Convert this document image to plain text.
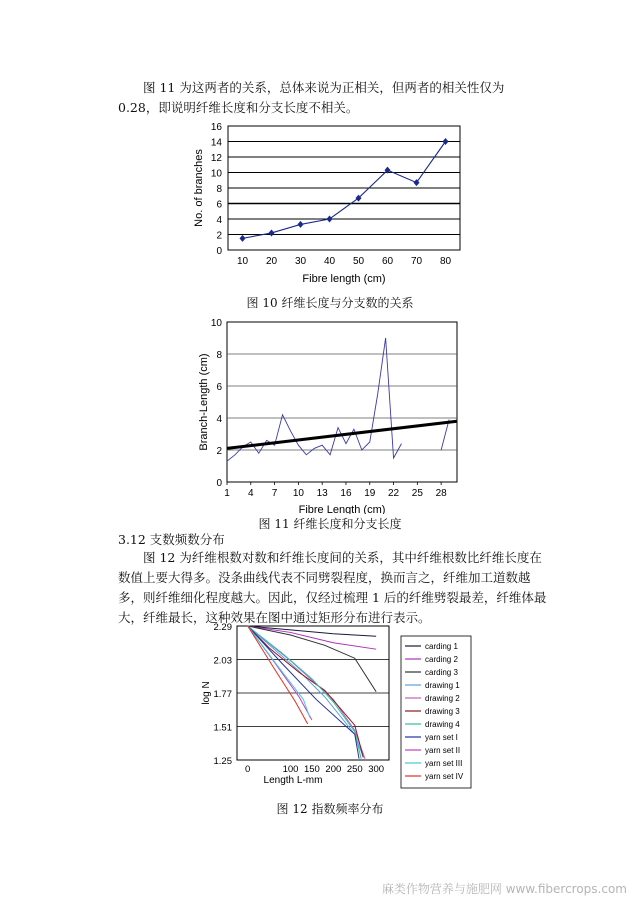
　　图 11 为这两者的关系，总体来说为正相关，但两者的相关性仅为 0.28，即说明纤维长度和分支长度不相关。

0
2
4
6
8
10
12
14
16
10 20 30 40 50 60 70 80
Fibre length (cm)
No. of branches
图 10 纤维长度与分支数的关系
0
2
4
6
8
10
1 4 7 10 13 16 19 22 25 28
Fibre Length (cm)
Branch-Length (cm)
图 11 纤维长度和分支长度
3.12 支数频数分布

　　图 12 为纤维根数对数和纤维长度间的关系，其中纤维根数比纤维长度在数值上要大得多。没条曲线代表不同劈裂程度，换而言之，纤维加工道数越多，则纤维细化程度越大。因此，仅经过梳理 1 后的纤维劈裂最差，纤维体最大，纤维最长，这种效果在图中通过矩形分布进行表示。

1.25
1.51
1.77
2.03
2.29
0	100 150 200 250 300
Length L-mm
log N
carding 1
carding 2
carding 3
drawing 1
drawing 2
drawing 3
drawing 4
yarn set I
yarn set II
yarn set III
yarn set IV
图 12 指数频率分布
麻类作物营养与施肥网 www.fibercrops.com
